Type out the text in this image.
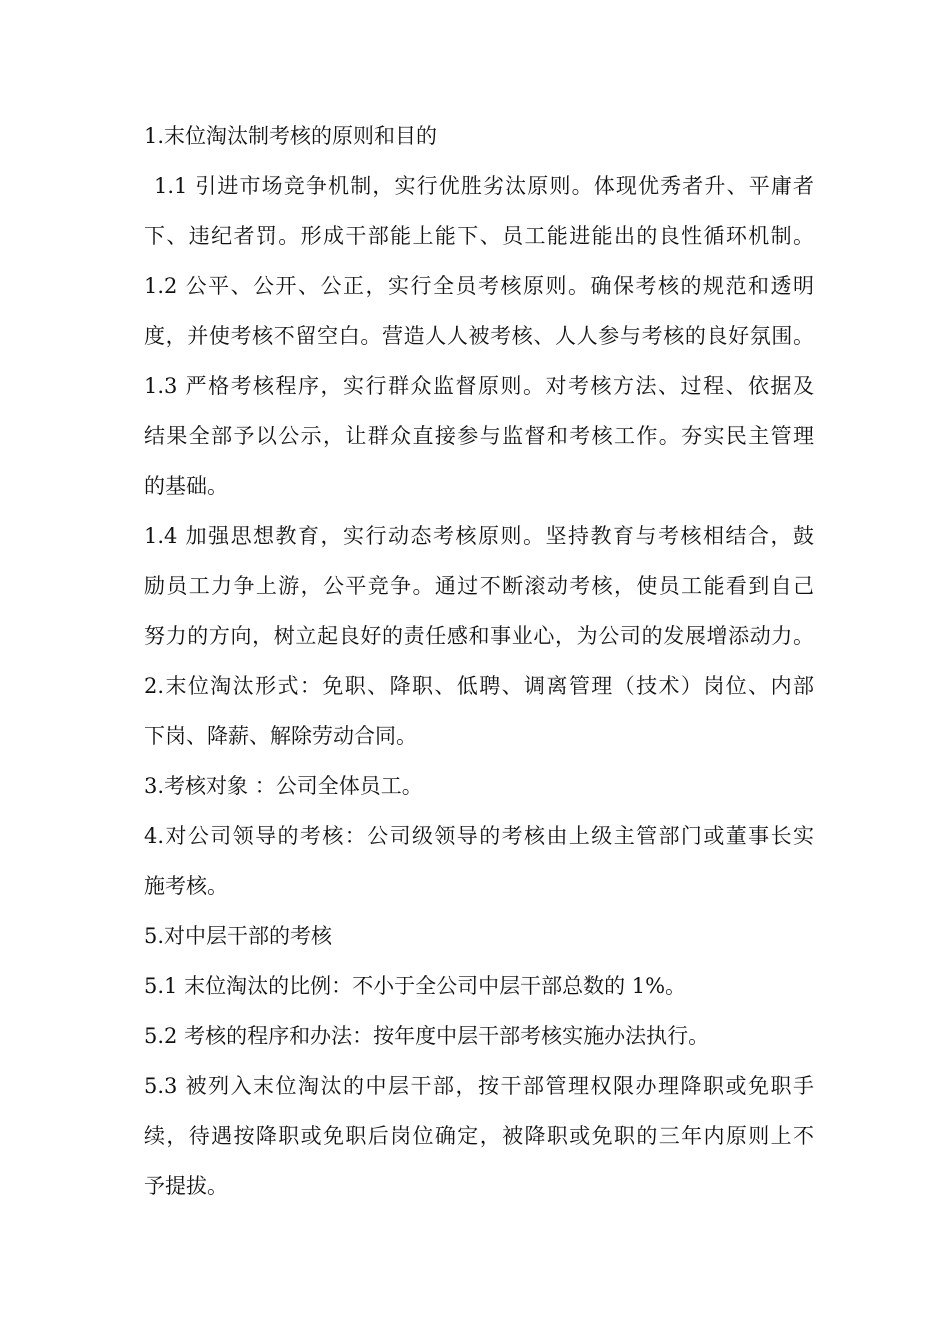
1.末位淘汰制考核的原则和目的
1.1 引进市场竞争机制，实行优胜劣汰原则。体现优秀者升、平庸者
下、违纪者罚。形成干部能上能下、员工能进能出的良性循环机制。
1.2 公平、公开、公正，实行全员考核原则。确保考核的规范和透明
度，并使考核不留空白。营造人人被考核、人人参与考核的良好氛围。
1.3 严格考核程序，实行群众监督原则。对考核方法、过程、依据及
结果全部予以公示，让群众直接参与监督和考核工作。夯实民主管理
的基础。
1.4 加强思想教育，实行动态考核原则。坚持教育与考核相结合，鼓
励员工力争上游，公平竞争。通过不断滚动考核，使员工能看到自己
努力的方向，树立起良好的责任感和事业心，为公司的发展增添动力。
2.末位淘汰形式：免职、降职、低聘、调离管理（技术）岗位、内部
下岗、降薪、解除劳动合同。
3.考核对象 ：公司全体员工。
4.对公司领导的考核：公司级领导的考核由上级主管部门或董事长实
施考核。
5.对中层干部的考核
5.1 末位淘汰的比例：不小于全公司中层干部总数的 1%。
5.2 考核的程序和办法：按年度中层干部考核实施办法执行。
5.3 被列入末位淘汰的中层干部，按干部管理权限办理降职或免职手
续，待遇按降职或免职后岗位确定，被降职或免职的三年内原则上不
予提拔。
